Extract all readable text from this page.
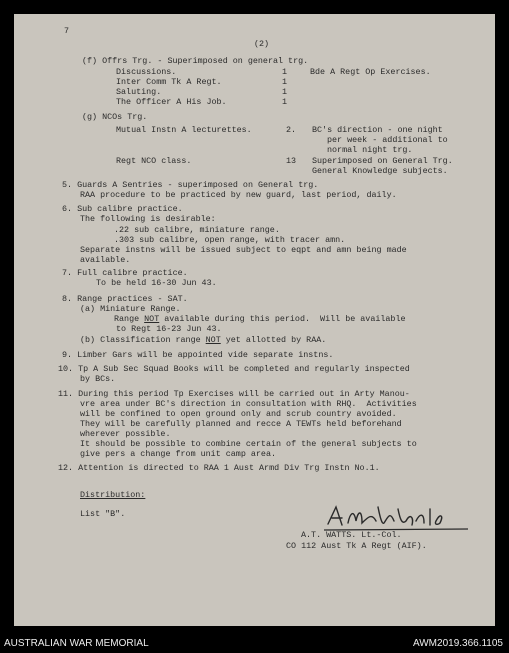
7
(2)
(f) Offrs Trg. - Superimposed on general trg.
Discussions.	1	Bde A Regt Op Exercises.
Inter Comm Tk A Regt.	1
Saluting.	1
The Officer A His Job.	1
(g) NCOs Trg.
Mutual Instn A lecturettes.	2. BC's direction - one night
per week - additional to
normal night trg.
Regt NCO class.	13 Superimposed on General Trg.
General Knowledge subjects.
5. Guards A Sentries - superimposed on General trg.
RAA procedure to be practiced by new guard, last period, daily.
6. Sub calibre practice.
The following is desirable:
.22 sub calibre, miniature range.
.303 sub calibre, open range, with tracer amn.
Separate instns will be issued subject to eqpt and amn being made
available.
7. Full calibre practice.
To be held 16-30 Jun 43.
8. Range practices - SAT.
(a) Miniature Range.
Range NOT available during this period.  Will be available
to Regt 16-23 Jun 43.
(b) Classification range NOT yet allotted by RAA.
9. Limber Gars will be appointed vide separate instns.
10. Tp A Sub Sec Squad Books will be completed and regularly inspected
by BCs.
11. During this period Tp Exercises will be carried out in Arty Manou-
vre area under BC's direction in consultation with RHQ.  Activities
will be confined to open ground only and scrub country avoided.
They will be carefully planned and recce A TEWTs held beforehand
wherever possible.
It should be possible to combine certain of the general subjects to
give pers a change from unit camp area.
12. Attention is directed to RAA 1 Aust Armd Div Trg Instn No.1.
Distribution:
List "B".
A.T. WATTS. Lt.-Col.
CO 112 Aust Tk A Regt (AIF).
AUSTRALIAN WAR MEMORIAL	AWM2019.366.1105
